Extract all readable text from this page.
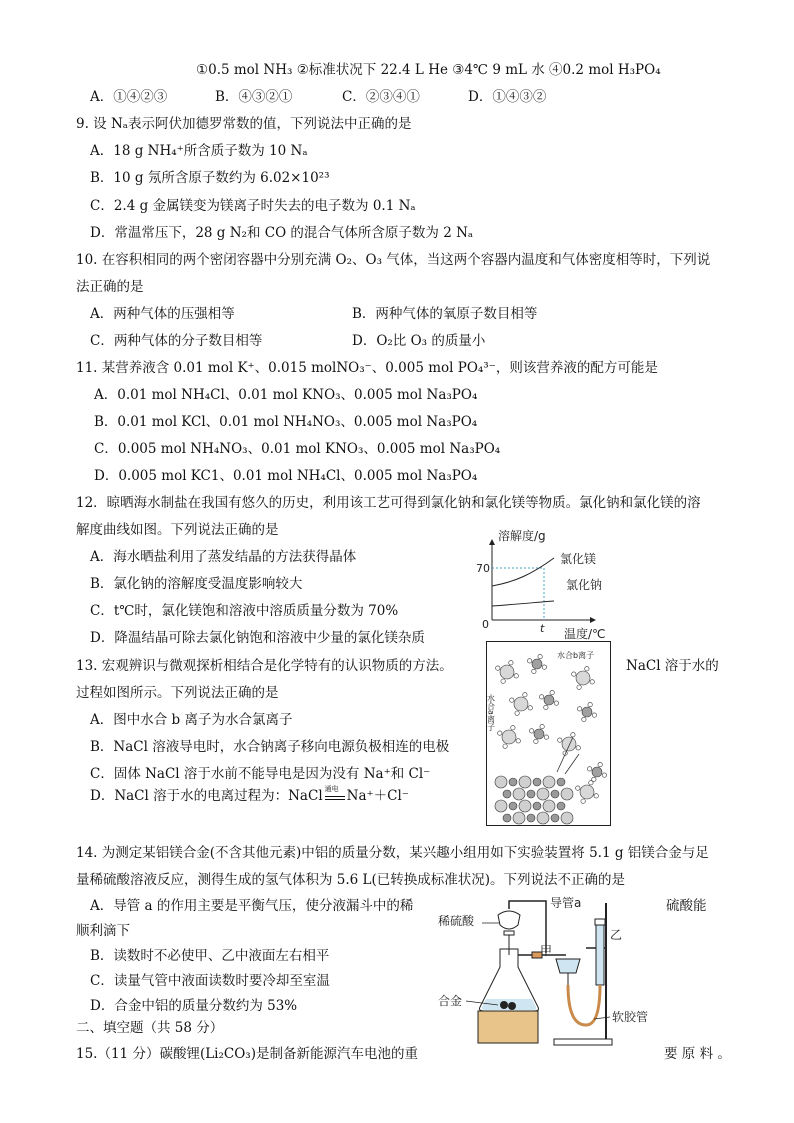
①0.5 mol NH₃ ②标准状况下 22.4 L He ③4℃ 9 mL 水 ④0.2 mol H₃PO₄
A．①④②③	B．④③②①	C．②③④①	D．①④③②
9. 设 Nₐ表示阿伏加德罗常数的值，下列说法中正确的是
A．18 g NH₄⁺所含质子数为 10 Nₐ
B．10 g 氖所含原子数约为 6.02×10²³
C．2.4 g 金属镁变为镁离子时失去的电子数为 0.1 Nₐ
D．常温常压下，28 g N₂和 CO 的混合气体所含原子数为 2 Nₐ
10. 在容积相同的两个密闭容器中分别充满 O₂、O₃ 气体，当这两个容器内温度和气体密度相等时，下列说
法正确的是
A．两种气体的压强相等	B．两种气体的氧原子数目相等
C．两种气体的分子数目相等	D．O₂比 O₃ 的质量小
11. 某营养液含 0.01 mol K⁺、0.015 molNO₃⁻、0.005 mol PO₄³⁻，则该营养液的配方可能是
A．0.01 mol NH₄Cl、0.01 mol KNO₃、0.005 mol Na₃PO₄
B．0.01 mol KCl、0.01 mol NH₄NO₃、0.005 mol Na₃PO₄
C．0.005 mol NH₄NO₃、0.01 mol KNO₃、0.005 mol Na₃PO₄
D．0.005 mol KC1、0.01 mol NH₄Cl、0.005 mol Na₃PO₄
12．晾晒海水制盐在我国有悠久的历史，利用该工艺可得到氯化钠和氯化镁等物质。氯化钠和氯化镁的溶
解度曲线如图。下列说法正确的是
A．海水晒盐利用了蒸发结晶的方法获得晶体
B．氯化钠的溶解度受温度影响较大
C．t℃时，氯化镁饱和溶液中溶质质量分数为 70%
D．降温结晶可除去氯化钠饱和溶液中少量的氯化镁杂质
溶解度/g
70
0	t
氯化镁
氯化钠
温度/℃
13. 宏观辨识与微观探析相结合是化学特有的认识物质的方法。	NaCl 溶于水的
过程如图所示。下列说法正确的是
A．图中水合 b 离子为水合氯离子
B．NaCl 溶液导电时，水合钠离子移向电源负极相连的电极
C．固体 NaCl 溶于水前不能导电是因为没有 Na⁺和 Cl⁻
D．NaCl 溶于水的电离过程为：NaCl 通电 Na⁺＋Cl⁻
水合b离子
水合a离子
14. 为测定某铝镁合金(不含其他元素)中铝的质量分数，某兴趣小组用如下实验装置将 5.1 g 铝镁合金与足
量稀硫酸溶液反应，测得生成的氢气体积为 5.6 L(已转换成标准状况)。下列说法不正确的是
A．导管 a 的作用主要是平衡气压，使分液漏斗中的稀	硫酸能
顺利滴下
B．读数时不必使甲、乙中液面左右相平
C．读量气管中液面读数时要冷却至室温
D．合金中铝的质量分数约为 53%
稀硫酸
导管a
甲
乙
合金
软胶管
二、填空题（共 58 分）
15.（11 分）碳酸锂(Li₂CO₃)是制备新能源汽车电池的重	要 原 料 。
